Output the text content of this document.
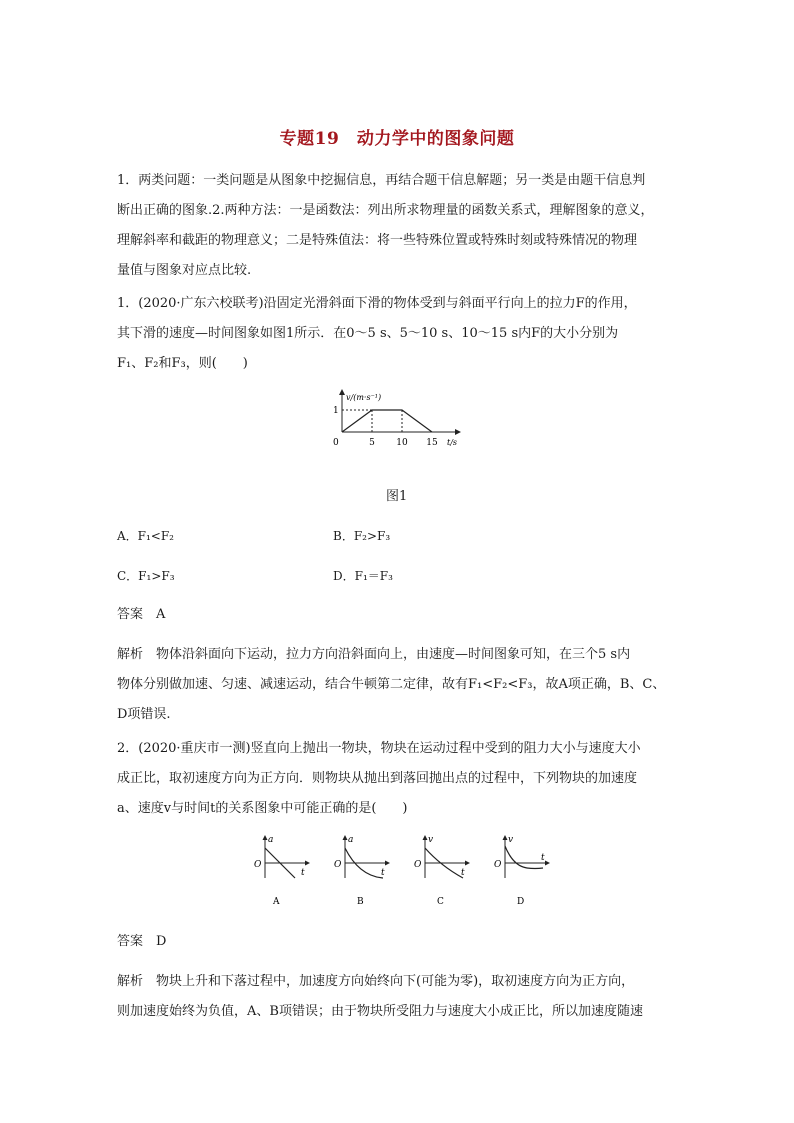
专题19　动力学中的图象问题
1．两类问题：一类问题是从图象中挖掘信息，再结合题干信息解题；另一类是由题干信息判
断出正确的图象.2.两种方法：一是函数法：列出所求物理量的函数关系式，理解图象的意义，
理解斜率和截距的物理意义；二是特殊值法：将一些特殊位置或特殊时刻或特殊情况的物理
量值与图象对应点比较.
1．(2020·广东六校联考)沿固定光滑斜面下滑的物体受到与斜面平行向上的拉力F的作用，
其下滑的速度—时间图象如图1所示．在0～5 s、5～10 s、10～15 s内F的大小分别为
F₁、F₂和F₃，则(　　)
v/(m·s⁻¹)
1
0	5 10 15 t/s
图1
A．F₁<F₂	B．F₂>F₃
C．F₁>F₃	D．F₁＝F₃
答案　A
解析　物体沿斜面向下运动，拉力方向沿斜面向上，由速度—时间图象可知，在三个5 s内
物体分别做加速、匀速、减速运动，结合牛顿第二定律，故有F₁<F₂<F₃，故A项正确，B、C、
D项错误.
2．(2020·重庆市一测)竖直向上抛出一物块，物块在运动过程中受到的阻力大小与速度大小
成正比，取初速度方向为正方向．则物块从抛出到落回抛出点的过程中，下列物块的加速度
a、速度v与时间t的关系图象中可能正确的是(　　)
a
O
t
A
a
O
t
B
v
O
t
C
v
O
t
D
答案　D
解析　物块上升和下落过程中，加速度方向始终向下(可能为零)，取初速度方向为正方向，
则加速度始终为负值，A、B项错误；由于物块所受阻力与速度大小成正比，所以加速度随速
